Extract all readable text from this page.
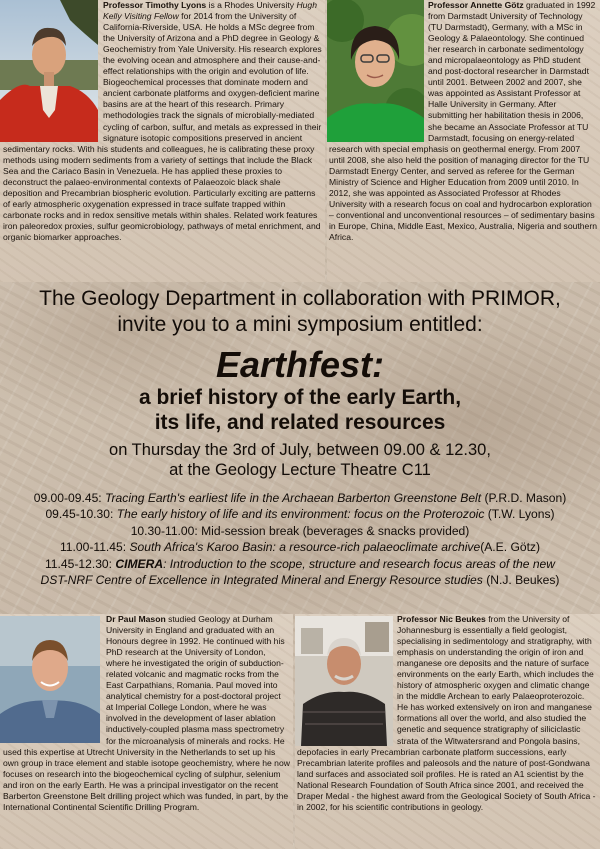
Professor Timothy Lyons is a Rhodes University Hugh Kelly Visiting Fellow for 2014 from the University of California-Riverside, USA. He holds a MSc degree from the University of Arizona and a PhD degree in Geology & Geochemistry from Yale University. His research explores the evolving ocean and atmosphere and their cause-and-effect relationships with the origin and evolution of life. Biogeochemical processes that dominate modern and ancient carbonate platforms and oxygen-deficient marine basins are at the heart of this research. Primary methodologies track the signals of microbially-mediated cycling of carbon, sulfur, and metals as expressed in their signature isotopic compositions preserved in ancient sedimentary rocks. With his students and colleagues, he is calibrating these proxy methods using modern sediments from a variety of settings that include the Black Sea and the Cariaco Basin in Venezuela. He has applied these proxies to deconstruct the palaeo-environmental contexts of Palaeozoic black shale deposition and Precambrian biospheric evolution. Particularly exciting are patterns of early atmospheric oxygenation expressed in trace sulfate trapped within carbonate rocks and in redox sensitive metals within shales. Related work features iron paleoredox proxies, sulfur geomicrobiology, pathways of metal enrichment, and organic biomarker approaches.

Professor Annette Götz graduated in 1992 from Darmstadt University of Technology (TU Darmstadt), Germany, with a MSc in Geology & Palaeontology. She continued her research in carbonate sedimentology and micropalaeontology as PhD student and post-doctoral researcher in Darmstadt until 2001. Between 2002 and 2007, she was appointed as Assistant Professor at Halle University in Germany. After submitting her habilitation thesis in 2006, she became an Associate Professor at TU Darmstadt, focusing on energy-related research with special emphasis on geothermal energy. From 2007 until 2008, she also held the position of managing director for the TU Darmstadt Energy Center, and served as referee for the German Ministry of Science and Higher Education from 2009 until 2010. In 2012, she was appointed as Associated Professor at Rhodes University with a research focus on coal and hydrocarbon exploration – conventional and unconventional resources – of sedimentary basins in Europe, China, Middle East, Mexico, Australia, Nigeria and southern Africa.

The Geology Department in collaboration with PRIMOR,
invite you to a mini symposium entitled:
Earthfest:
a brief history of the early Earth,
its life, and related resources
on Thursday the 3rd of July, between 09.00 & 12.30,
at the Geology Lecture Theatre C11
09.00-09.45: Tracing Earth's earliest life in the Archaean Barberton Greenstone Belt (P.R.D. Mason)
09.45-10.30: The early history of life and its environment: focus on the Proterozoic (T.W. Lyons)
10.30-11.00: Mid-session break (beverages & snacks provided)
11.00-11.45: South Africa's Karoo Basin: a resource-rich palaeoclimate archive(A.E. Götz)
11.45-12.30: CIMERA: Introduction to the scope, structure and research focus areas of the new
DST-NRF Centre of Excellence in Integrated Mineral and Energy Resource studies (N.J. Beukes)

Dr Paul Mason studied Geology at Durham University in England and graduated with an Honours degree in 1992. He continued with his PhD research at the University of London, where he investigated the origin of subduction-related volcanic and magmatic rocks from the East Carpathians, Romania. Paul moved into analytical chemistry for a post-doctoral project at Imperial College London, where he was involved in the development of laser ablation inductively-coupled plasma mass spectrometry for the microanalysis of minerals and rocks. He used this expertise at Utrecht University in the Netherlands to set up his own group in trace element and stable isotope geochemistry, where he now focuses on research into the biogeochemical cycling of sulphur, selenium and iron on the early Earth. He was a principal investigator on the recent Barberton Greenstone Belt drilling project which was funded, in part, by the International Continental Scientific Drilling Program.

Professor Nic Beukes from the University of Johannesburg is essentially a field geologist, specialising in sedimentology and stratigraphy, with emphasis on understanding the origin of iron and manganese ore deposits and the nature of surface environments on the early Earth, which includes the history of atmospheric oxygen and climatic change in the middle Archean to early Palaeoproterozoic. He has worked extensively on iron and manganese formations all over the world, and also studied the genetic and sequence stratigraphy of siliciclastic strata of the Witwatersrand and Pongola basins, depofacies in early Precambrian carbonate platform successions, early Precambrian laterite profiles and paleosols and the nature of post-Gondwana land surfaces and associated soil profiles. He is rated an A1 scientist by the National Research Foundation of South Africa since 2001, and received the Draper Medal - the highest award from the Geological Society of South Africa - in 2002, for his scientific contributions in geology.
